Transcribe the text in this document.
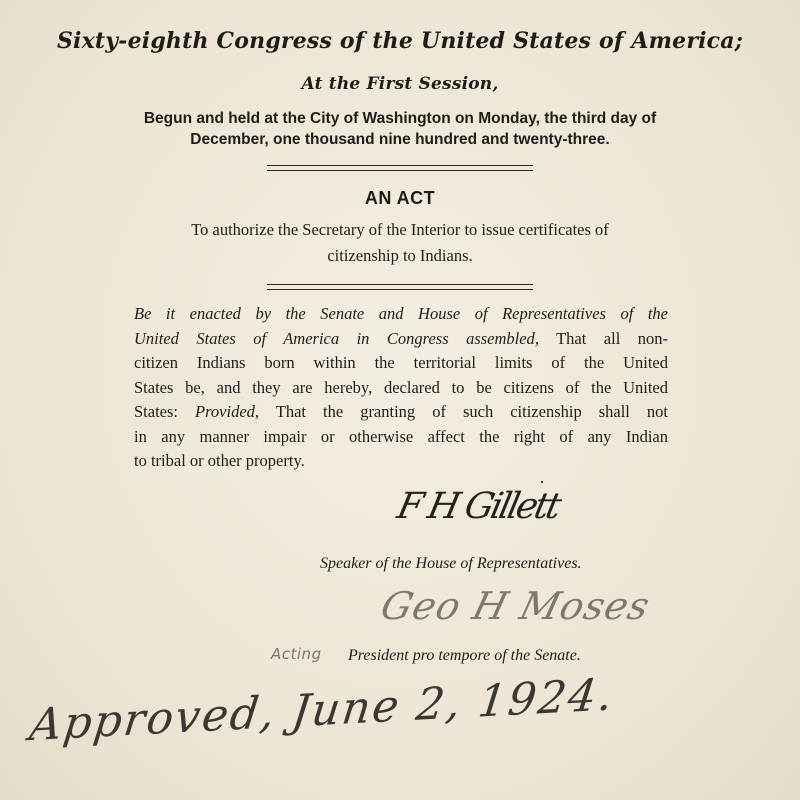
Sixty-eighth Congress of the United States of America;
At the First Session,
Begun and held at the City of Washington on Monday, the third day of
December, one thousand nine hundred and twenty-three.
AN ACT
To authorize the Secretary of the Interior to issue certificates of
citizenship to Indians.
Be it enacted by the Senate and House of Representatives of the
United States of America in Congress assembled, That all non-
citizen Indians born within the territorial limits of the United
States be, and they are hereby, declared to be citizens of the United
States: Provided, That the granting of such citizenship shall not
in any manner impair or otherwise affect the right of any Indian
to tribal or other property.
F H Gillett
Speaker of the House of Representatives.
Geo H Moses
Acting President pro tempore of the Senate.
Approved, June 2, 1924.
